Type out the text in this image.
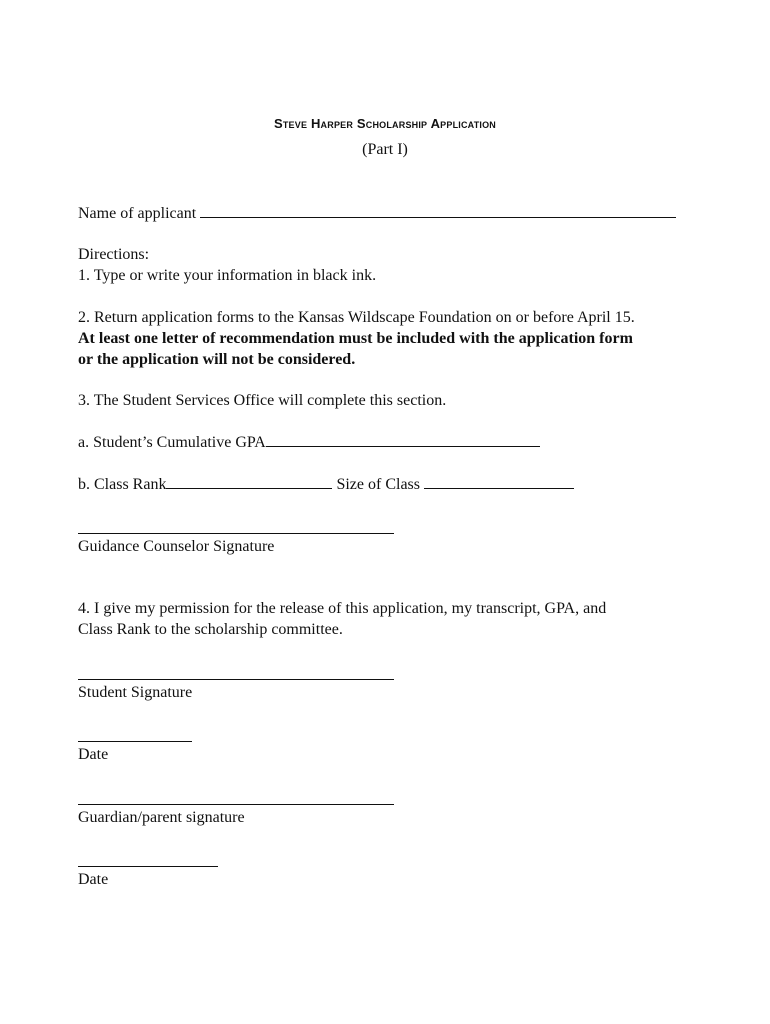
Steve Harper Scholarship Application
(Part I)
Name of applicant
Directions:
1. Type or write your information in black ink.
2. Return application forms to the Kansas Wildscape Foundation on or before April 15.
At least one letter of recommendation must be included with the application form
or the application will not be considered.
3. The Student Services Office will complete this section.
a. Student’s Cumulative GPA
b. Class Rank	Size of Class
Guidance Counselor Signature
4. I give my permission for the release of this application, my transcript, GPA, and
Class Rank to the scholarship committee.
Student Signature
Date
Guardian/parent signature
Date
